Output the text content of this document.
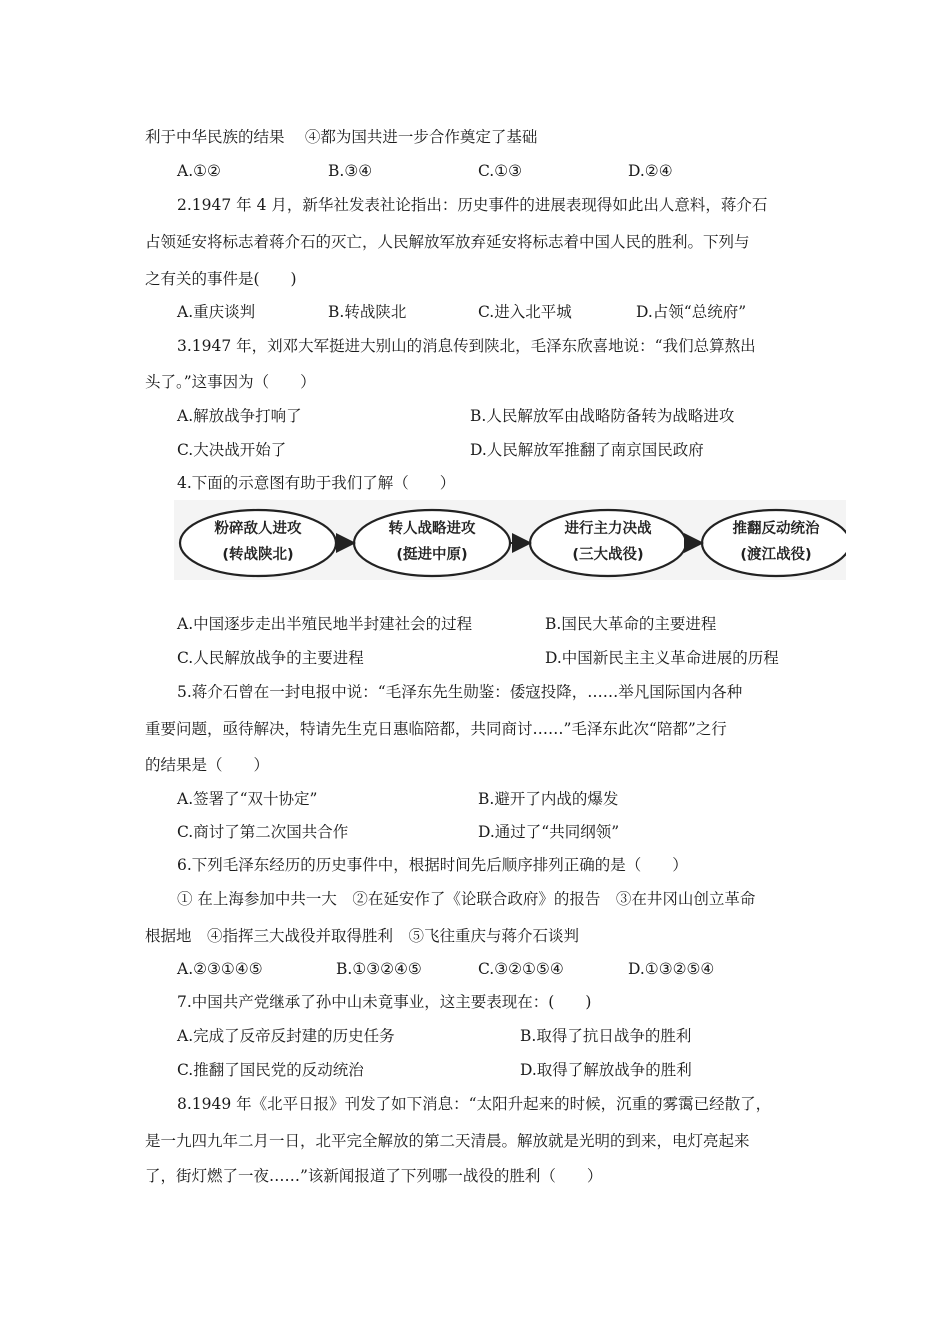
利于中华民族的结果　 ④都为国共进一步合作奠定了基础
A.①②	B.③④	C.①③	D.②④
2.1947 年 4 月，新华社发表社论指出：历史事件的进展表现得如此出人意料，蒋介石
占领延安将标志着蒋介石的灭亡，人民解放军放弃延安将标志着中国人民的胜利。下列与
之有关的事件是(　　)
A.重庆谈判	B.转战陕北	C.进入北平城	D.占领“总统府”
3.1947 年，刘邓大军挺进大别山的消息传到陕北，毛泽东欣喜地说：“我们总算熬出
头了。”这事因为（　　）
A.解放战争打响了	B.人民解放军由战略防备转为战略进攻
C.大决战开始了	D.人民解放军推翻了南京国民政府
4.下面的示意图有助于我们了解（　　）
粉碎敌人进攻
(转战陕北)
转人战略进攻
(挺进中原)
进行主力决战
(三大战役)
推翻反动统治
(渡江战役)
A.中国逐步走出半殖民地半封建社会的过程	B.国民大革命的主要进程
C.人民解放战争的主要进程	D.中国新民主主义革命进展的历程
5.蒋介石曾在一封电报中说：“毛泽东先生勋鉴：倭寇投降，……举凡国际国内各种
重要问题，亟待解决，特请先生克日惠临陪都，共同商讨……”毛泽东此次“陪都”之行
的结果是（　　）
A.签署了“双十协定”	B.避开了内战的爆发
C.商讨了第二次国共合作	D.通过了“共同纲领”
6.下列毛泽东经历的历史事件中，根据时间先后顺序排列正确的是（　　）
① 在上海参加中共一大　②在延安作了《论联合政府》的报告　③在井冈山创立革命
根据地　④指挥三大战役并取得胜利　⑤飞往重庆与蒋介石谈判
A.②③①④⑤	B.①③②④⑤	C.③②①⑤④	D.①③②⑤④
7.中国共产党继承了孙中山未竟事业，这主要表现在：(　　)
A.完成了反帝反封建的历史任务	B.取得了抗日战争的胜利
C.推翻了国民党的反动统治	D.取得了解放战争的胜利
8.1949 年《北平日报》刊发了如下消息：“太阳升起来的时候，沉重的雾霭已经散了，
是一九四九年二月一日，北平完全解放的第二天清晨。解放就是光明的到来，电灯亮起来
了，街灯燃了一夜……”该新闻报道了下列哪一战役的胜利（　　）
